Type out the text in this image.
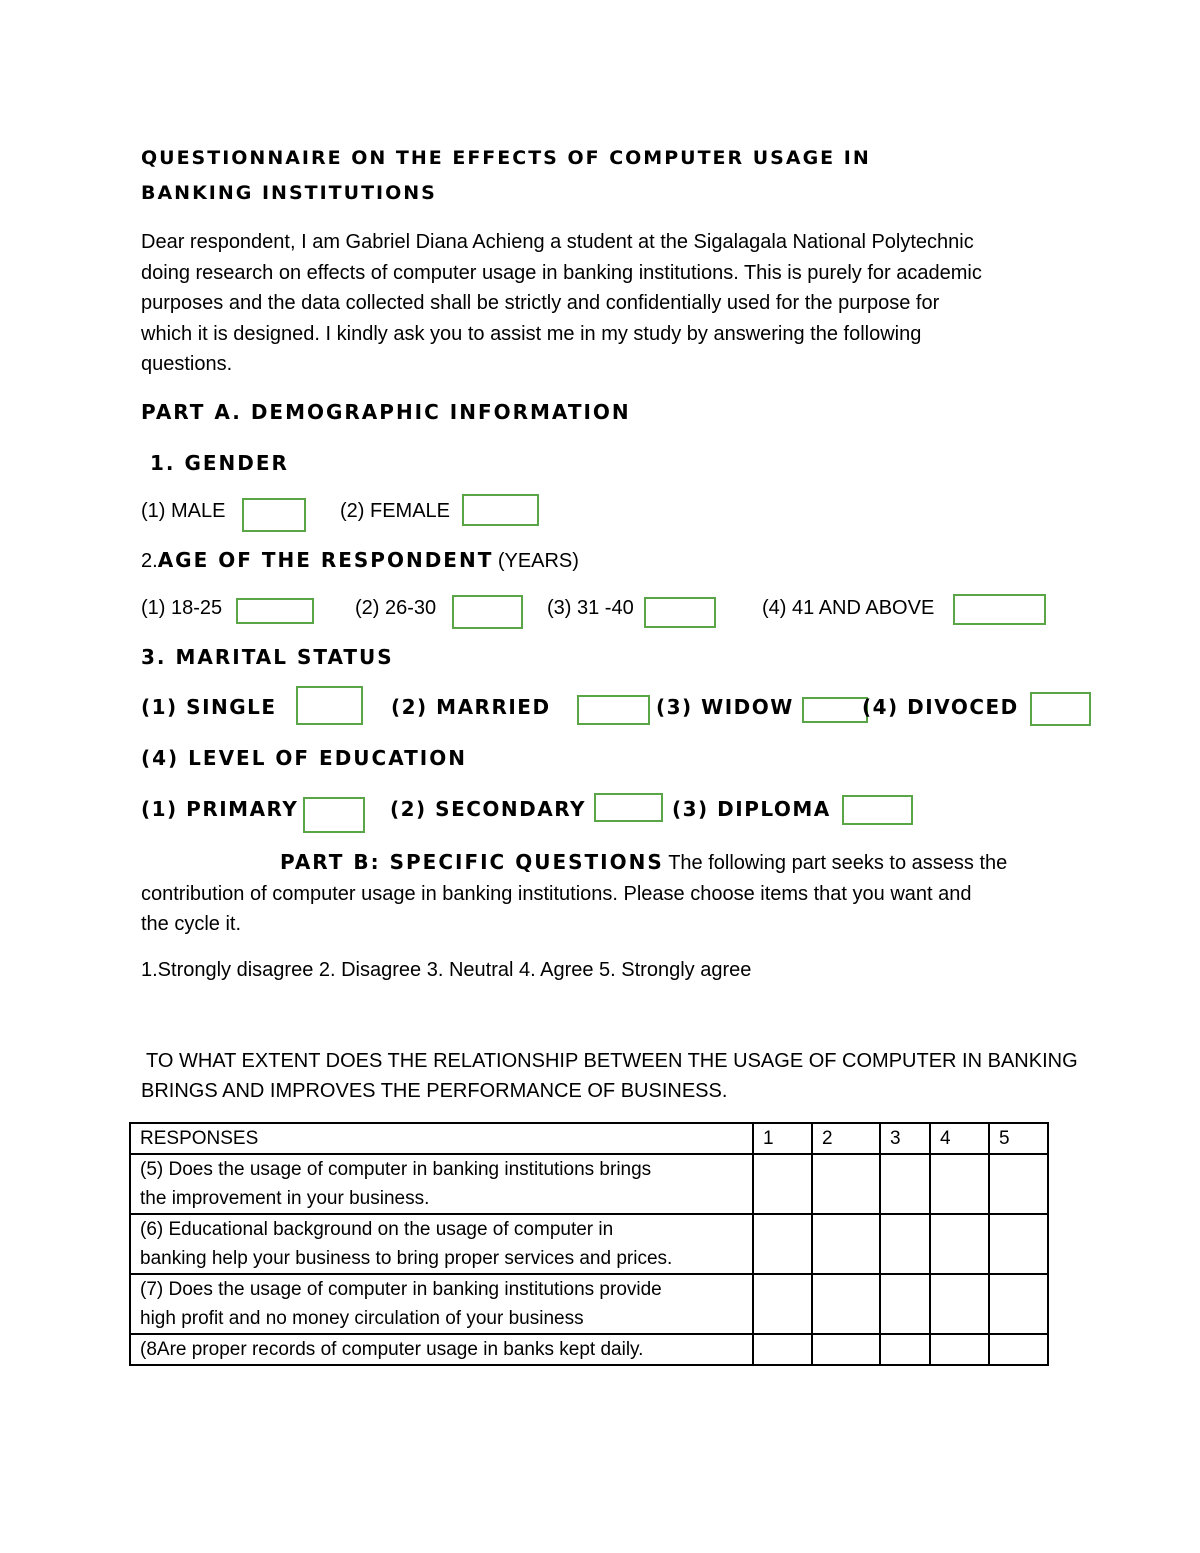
QUESTIONNAIRE ON THE EFFECTS OF COMPUTER USAGE IN
BANKING INSTITUTIONS
Dear respondent, I am Gabriel Diana Achieng a student at the Sigalagala National Polytechnic
doing research on effects of computer usage in banking institutions. This is purely for academic
purposes and the data collected shall be strictly and confidentially used for the purpose for
which it is designed. I kindly ask you to assist me in my study by answering the following
questions.
PART A. DEMOGRAPHIC INFORMATION
1. GENDER
(1) MALE	(2) FEMALE
2.AGE OF THE RESPONDENT (YEARS)
(1) 18-25	(2) 26-30	(3) 31 -40	(4) 41 AND ABOVE
3. MARITAL STATUS
(1) SINGLE	(2) MARRIED	(3) WIDOW	(4) DIVOCED
(4) LEVEL OF EDUCATION
(1) PRIMARY	(2) SECONDARY	(3) DIPLOMA
PART B: SPECIFIC QUESTIONS The following part seeks to assess the
contribution of computer usage in banking institutions. Please choose items that you want and
the cycle it.
1.Strongly disagree 2. Disagree 3. Neutral 4. Agree 5. Strongly agree
TO WHAT EXTENT DOES THE RELATIONSHIP BETWEEN THE USAGE OF COMPUTER IN BANKING
BRINGS AND IMPROVES THE PERFORMANCE OF BUSINESS.
RESPONSES	1	2	3	4	5
(5) Does the usage of computer in banking institutions brings
the improvement in your business.					
(6) Educational background on the usage of computer in
banking help your business to bring proper services and prices.					
(7) Does the usage of computer in banking institutions provide
high profit and no money circulation of your business					
(8Are proper records of computer usage in banks kept daily.					
